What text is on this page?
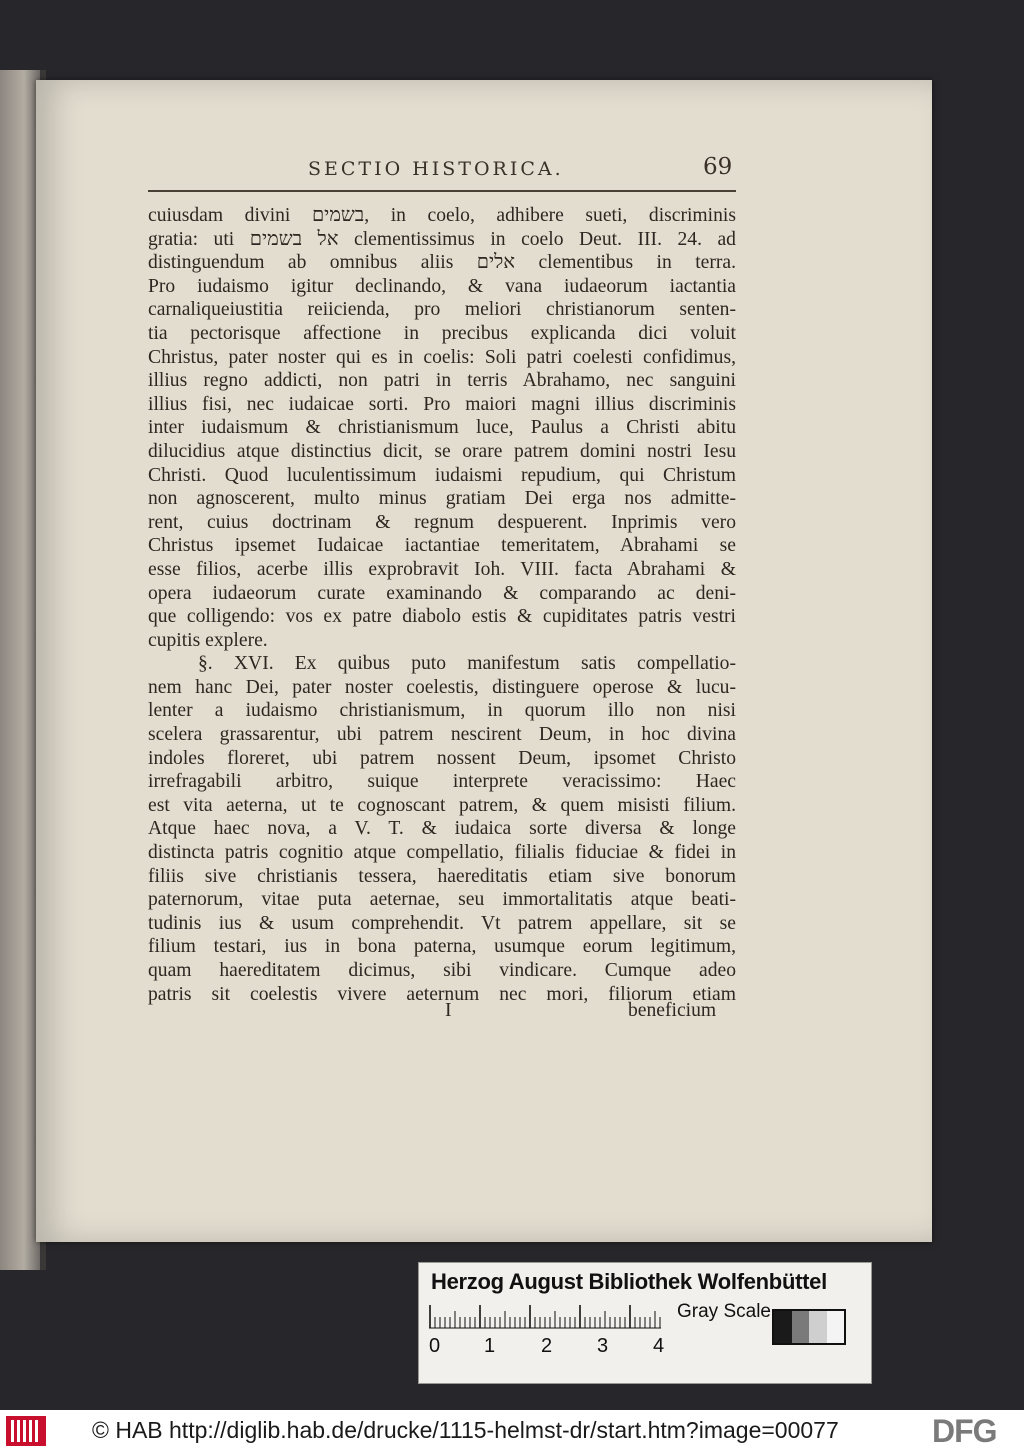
SECTIO HISTORICA.	69
cuiusdam divini בשמים, in coelo, adhibere sueti, discriminis
gratia: uti אל בשמים clementissimus in coelo Deut. III. 24. ad
distinguendum ab omnibus aliis אלים clementibus in terra.
Pro iudaismo igitur declinando, & vana iudaeorum iactantia
carnaliqueiustitia reiicienda, pro meliori christianorum senten-
tia pectorisque affectione in precibus explicanda dici voluit
Christus, pater noster qui es in coelis: Soli patri coelesti confidimus,
illius regno addicti, non patri in terris Abrahamo, nec sanguini
illius fisi, nec iudaicae sorti. Pro maiori magni illius discriminis
inter iudaismum & christianismum luce, Paulus a Christi abitu
dilucidius atque distinctius dicit, se orare patrem domini nostri Iesu
Christi. Quod luculentissimum iudaismi repudium, qui Christum
non agnoscerent, multo minus gratiam Dei erga nos admitte-
rent, cuius doctrinam & regnum despuerent. Inprimis vero
Christus ipsemet Iudaicae iactantiae temeritatem, Abrahami se
esse filios, acerbe illis exprobravit Ioh. VIII. facta Abrahami &
opera iudaeorum curate examinando & comparando ac deni-
que colligendo: vos ex patre diabolo estis & cupiditates patris vestri
cupitis explere.
§. XVI. Ex quibus puto manifestum satis compellatio-
nem hanc Dei, pater noster coelestis, distinguere operose & lucu-
lenter a iudaismo christianismum, in quorum illo non nisi
scelera grassarentur, ubi patrem nescirent Deum, in hoc divina
indoles floreret, ubi patrem nossent Deum, ipsomet Christo
irrefragabili arbitro, suique interprete veracissimo: Haec
est vita aeterna, ut te cognoscant patrem, & quem misisti filium.
Atque haec nova, a V. T. & iudaica sorte diversa & longe
distincta patris cognitio atque compellatio, filialis fiduciae & fidei in
filiis sive christianis tessera, haereditatis etiam sive bonorum
paternorum, vitae puta aeternae, seu immortalitatis atque beati-
tudinis ius & usum comprehendit. Vt patrem appellare, sit se
filium testari, ius in bona paterna, usumque eorum legitimum,
quam haereditatem dicimus, sibi vindicare. Cumque adeo
patris sit coelestis vivere aeternum nec mori, filiorum etiam
I	beneficium
Herzog August Bibliothek Wolfenbüttel
0 1 2 3 4
Gray Scale
© HAB http://diglib.hab.de/drucke/1115-helmst-dr/start.htm?image=00077	DFG
